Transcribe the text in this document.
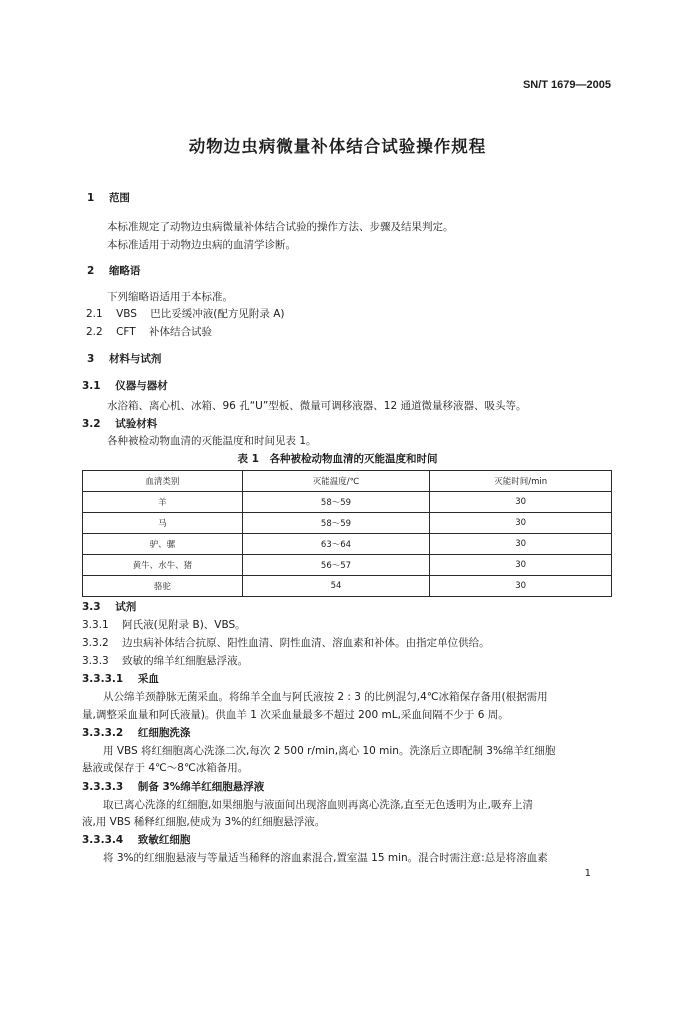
SN/T 1679—2005
动物边虫病微量补体结合试验操作规程
1 范围
本标准规定了动物边虫病微量补体结合试验的操作方法、步骤及结果判定。
本标准适用于动物边虫病的血清学诊断。
2 缩略语
下列缩略语适用于本标准。
2.1 VBS 巴比妥缓冲液(配方见附录 A)
2.2 CFT 补体结合试验
3 材料与试剂
3.1 仪器与器材
水浴箱、离心机、冰箱、96 孔“U”型板、微量可调移液器、12 通道微量移液器、吸头等。
3.2 试验材料
各种被检动物血清的灭能温度和时间见表 1。
表 1　各种被检动物血清的灭能温度和时间
血清类别	灭能温度/℃	灭能时间/min
羊	58～59	30
马	58～59	30
驴、骡	63～64	30
黄牛、水牛、猪	56～57	30
骆驼	54	30
3.3 试剂
3.3.1 阿氏液(见附录 B)、VBS。
3.3.2 边虫病补体结合抗原、阳性血清、阴性血清、溶血素和补体。由指定单位供给。
3.3.3 致敏的绵羊红细胞悬浮液。
3.3.3.1 采血
从公绵羊颈静脉无菌采血。将绵羊全血与阿氏液按 2 : 3 的比例混匀,4℃冰箱保存备用(根据需用
量,调整采血量和阿氏液量)。供血羊 1 次采血量最多不超过 200 mL,采血间隔不少于 6 周。
3.3.3.2 红细胞洗涤
用 VBS 将红细胞离心洗涤二次,每次 2 500 r/min,离心 10 min。洗涤后立即配制 3%绵羊红细胞
悬液或保存于 4℃～8℃冰箱备用。
3.3.3.3 制备 3%绵羊红细胞悬浮液
取已离心洗涤的红细胞,如果细胞与液面间出现溶血则再离心洗涤,直至无色透明为止,吸弃上清
液,用 VBS 稀释红细胞,使成为 3%的红细胞悬浮液。
3.3.3.4 致敏红细胞
将 3%的红细胞悬液与等量适当稀释的溶血素混合,置室温 15 min。混合时需注意:总是将溶血素
1
